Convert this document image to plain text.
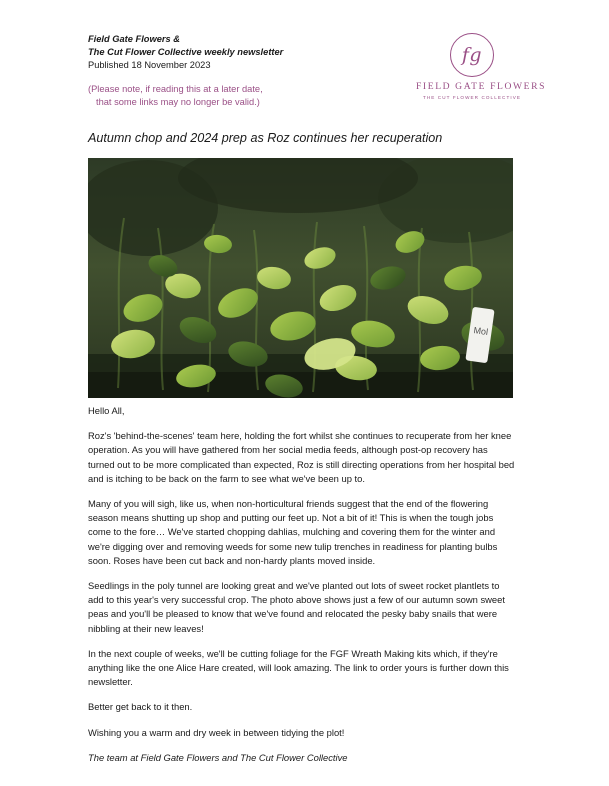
Field Gate Flowers &
The Cut Flower Collective weekly newsletter
Published 18 November 2023
(Please note, if reading this at a later date,
that some links may no longer be valid.)
fg
FIELD GATE FLOWERS
THE CUT FLOWER COLLECTIVE
Autumn chop and 2024 prep as Roz continues her recuperation
Mol

Hello All,

Roz's 'behind-the-scenes' team here, holding the fort whilst she continues to recuperate from her knee operation. As you will have gathered from her social media feeds, although post-op recovery has turned out to be more complicated than expected, Roz is still directing operations from her hospital bed and is itching to be back on the farm to see what we've been up to.

Many of you will sigh, like us, when non-horticultural friends suggest that the end of the flowering season means shutting up shop and putting our feet up. Not a bit of it! This is when the tough jobs come to the fore… We've started chopping dahlias, mulching and covering them for the winter and we're digging over and removing weeds for some new tulip trenches in readiness for planting bulbs soon. Roses have been cut back and non-hardy plants moved inside.

Seedlings in the poly tunnel are looking great and we've planted out lots of sweet rocket plantlets to add to this year's very successful crop. The photo above shows just a few of our autumn sown sweet peas and you'll be pleased to know that we've found and relocated the pesky baby snails that were nibbling at their new leaves!

In the next couple of weeks, we'll be cutting foliage for the FGF Wreath Making kits which, if they're anything like the one Alice Hare created, will look amazing. The link to order yours is further down this newsletter.

Better get back to it then.

Wishing you a warm and dry week in between tidying the plot!

The team at Field Gate Flowers and The Cut Flower Collective
